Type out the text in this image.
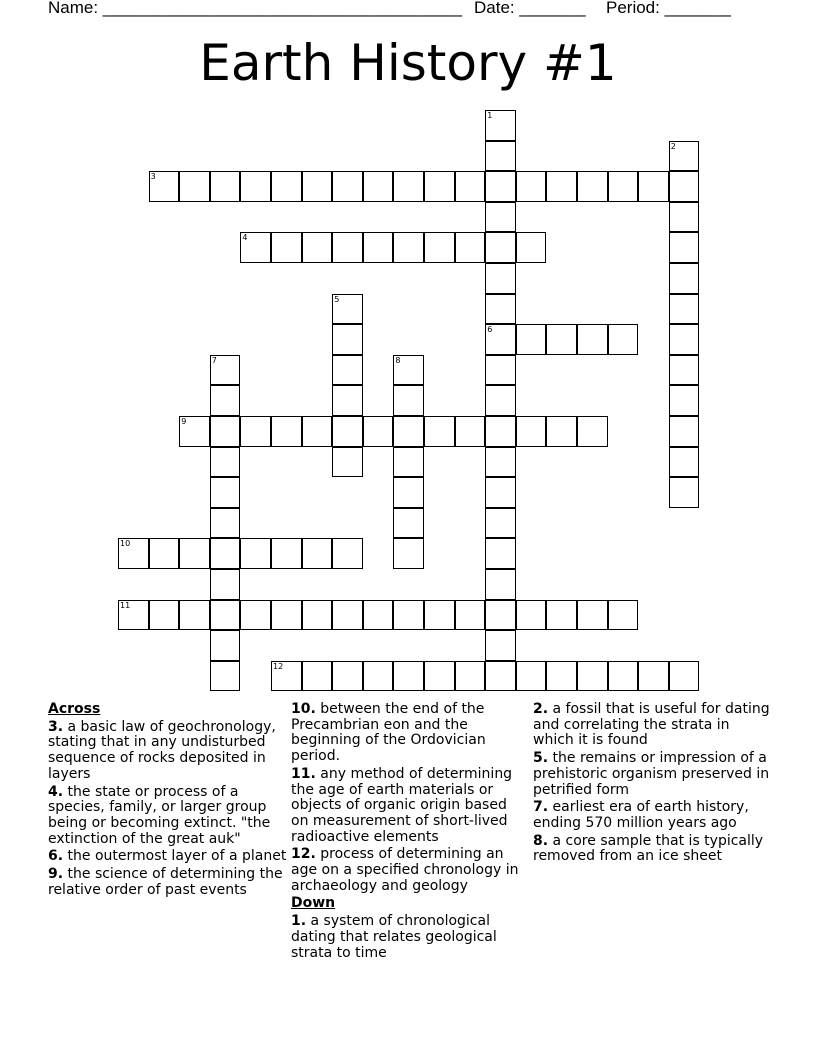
Name: ______________________________________ Date: _______ Period: _______
Earth History #1
1
2
3
4
5
6
7	8
9
10
11
12
Across
3. a basic law of geochronology, stating that in any undisturbed sequence of rocks deposited in layers
4. the state or process of a species, family, or larger group being or becoming extinct. "the extinction of the great auk"
6. the outermost layer of a planet
9. the science of determining the relative order of past events
10. between the end of the Precambrian eon and the beginning of the Ordovician period.
11. any method of determining the age of earth materials or objects of organic origin based on measurement of short-lived radioactive elements
12. process of determining an age on a specified chronology in archaeology and geology
Down
1. a system of chronological dating that relates geological strata to time
2. a fossil that is useful for dating and correlating the strata in which it is found
5. the remains or impression of a prehistoric organism preserved in petrified form
7. earliest era of earth history, ending 570 million years ago
8. a core sample that is typically removed from an ice sheet
